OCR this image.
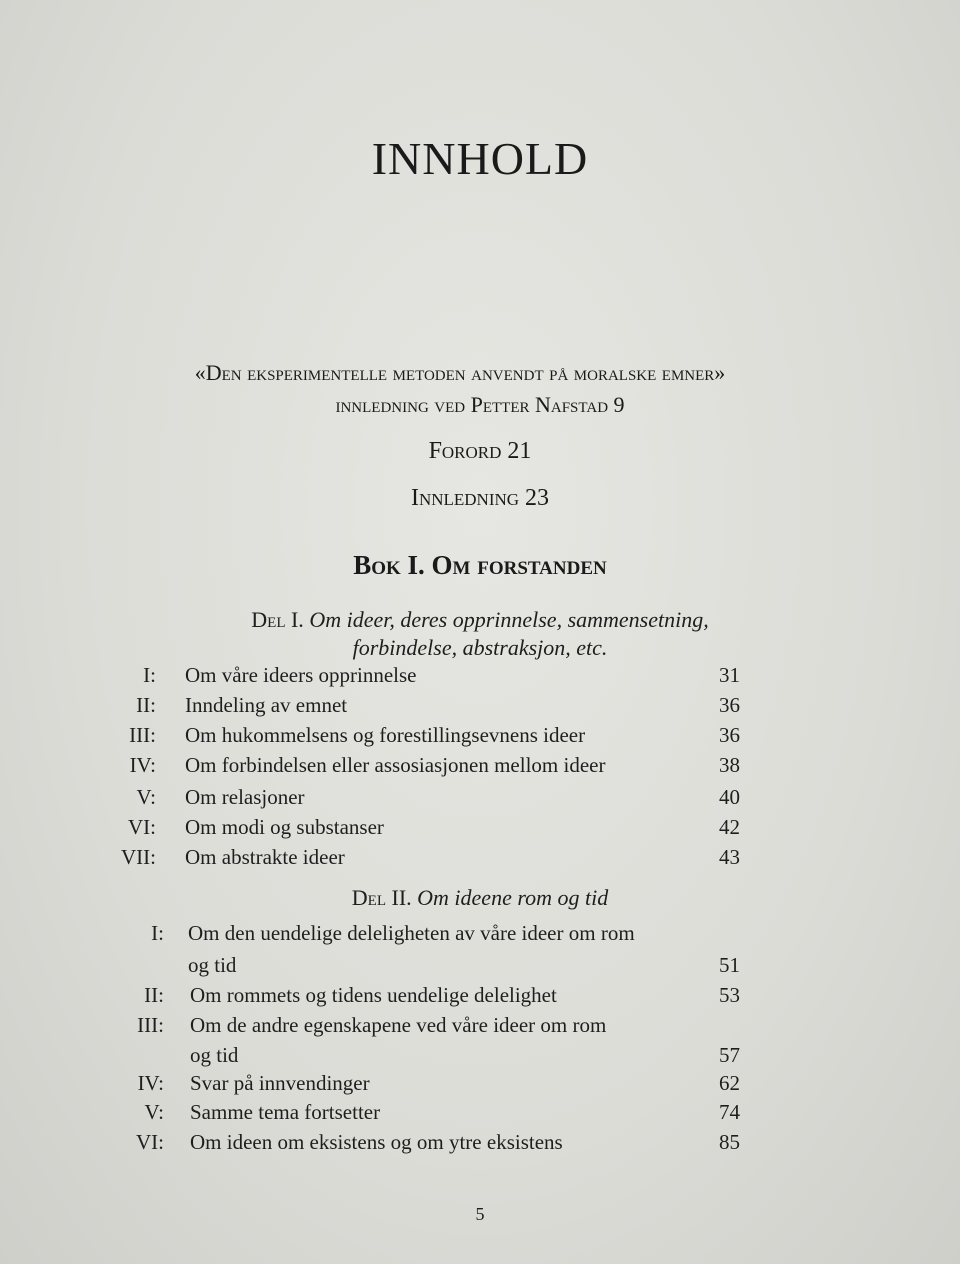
INNHOLD
«Den eksperimentelle metoden anvendt på moralske emner»
innledning ved Petter Nafstad 9
Forord 21
Innledning 23
Bok I. Om forstanden
Del I. Om ideer, deres opprinnelse, sammensetning,
forbindelse, abstraksjon, etc.
I: Om våre ideers opprinnelse	31
II: Inndeling av emnet	36
III: Om hukommelsens og forestillingsevnens ideer	36
IV: Om forbindelsen eller assosiasjonen mellom ideer	38
V: Om relasjoner	40
VI: Om modi og substanser	42
VII: Om abstrakte ideer	43
Del II. Om ideene rom og tid
I: Om den uendelige deleligheten av våre ideer om rom
og tid	51
II: Om rommets og tidens uendelige delelighet	53
III: Om de andre egenskapene ved våre ideer om rom
og tid	57
IV: Svar på innvendinger	62
V: Samme tema fortsetter	74
VI: Om ideen om eksistens og om ytre eksistens	85
5
